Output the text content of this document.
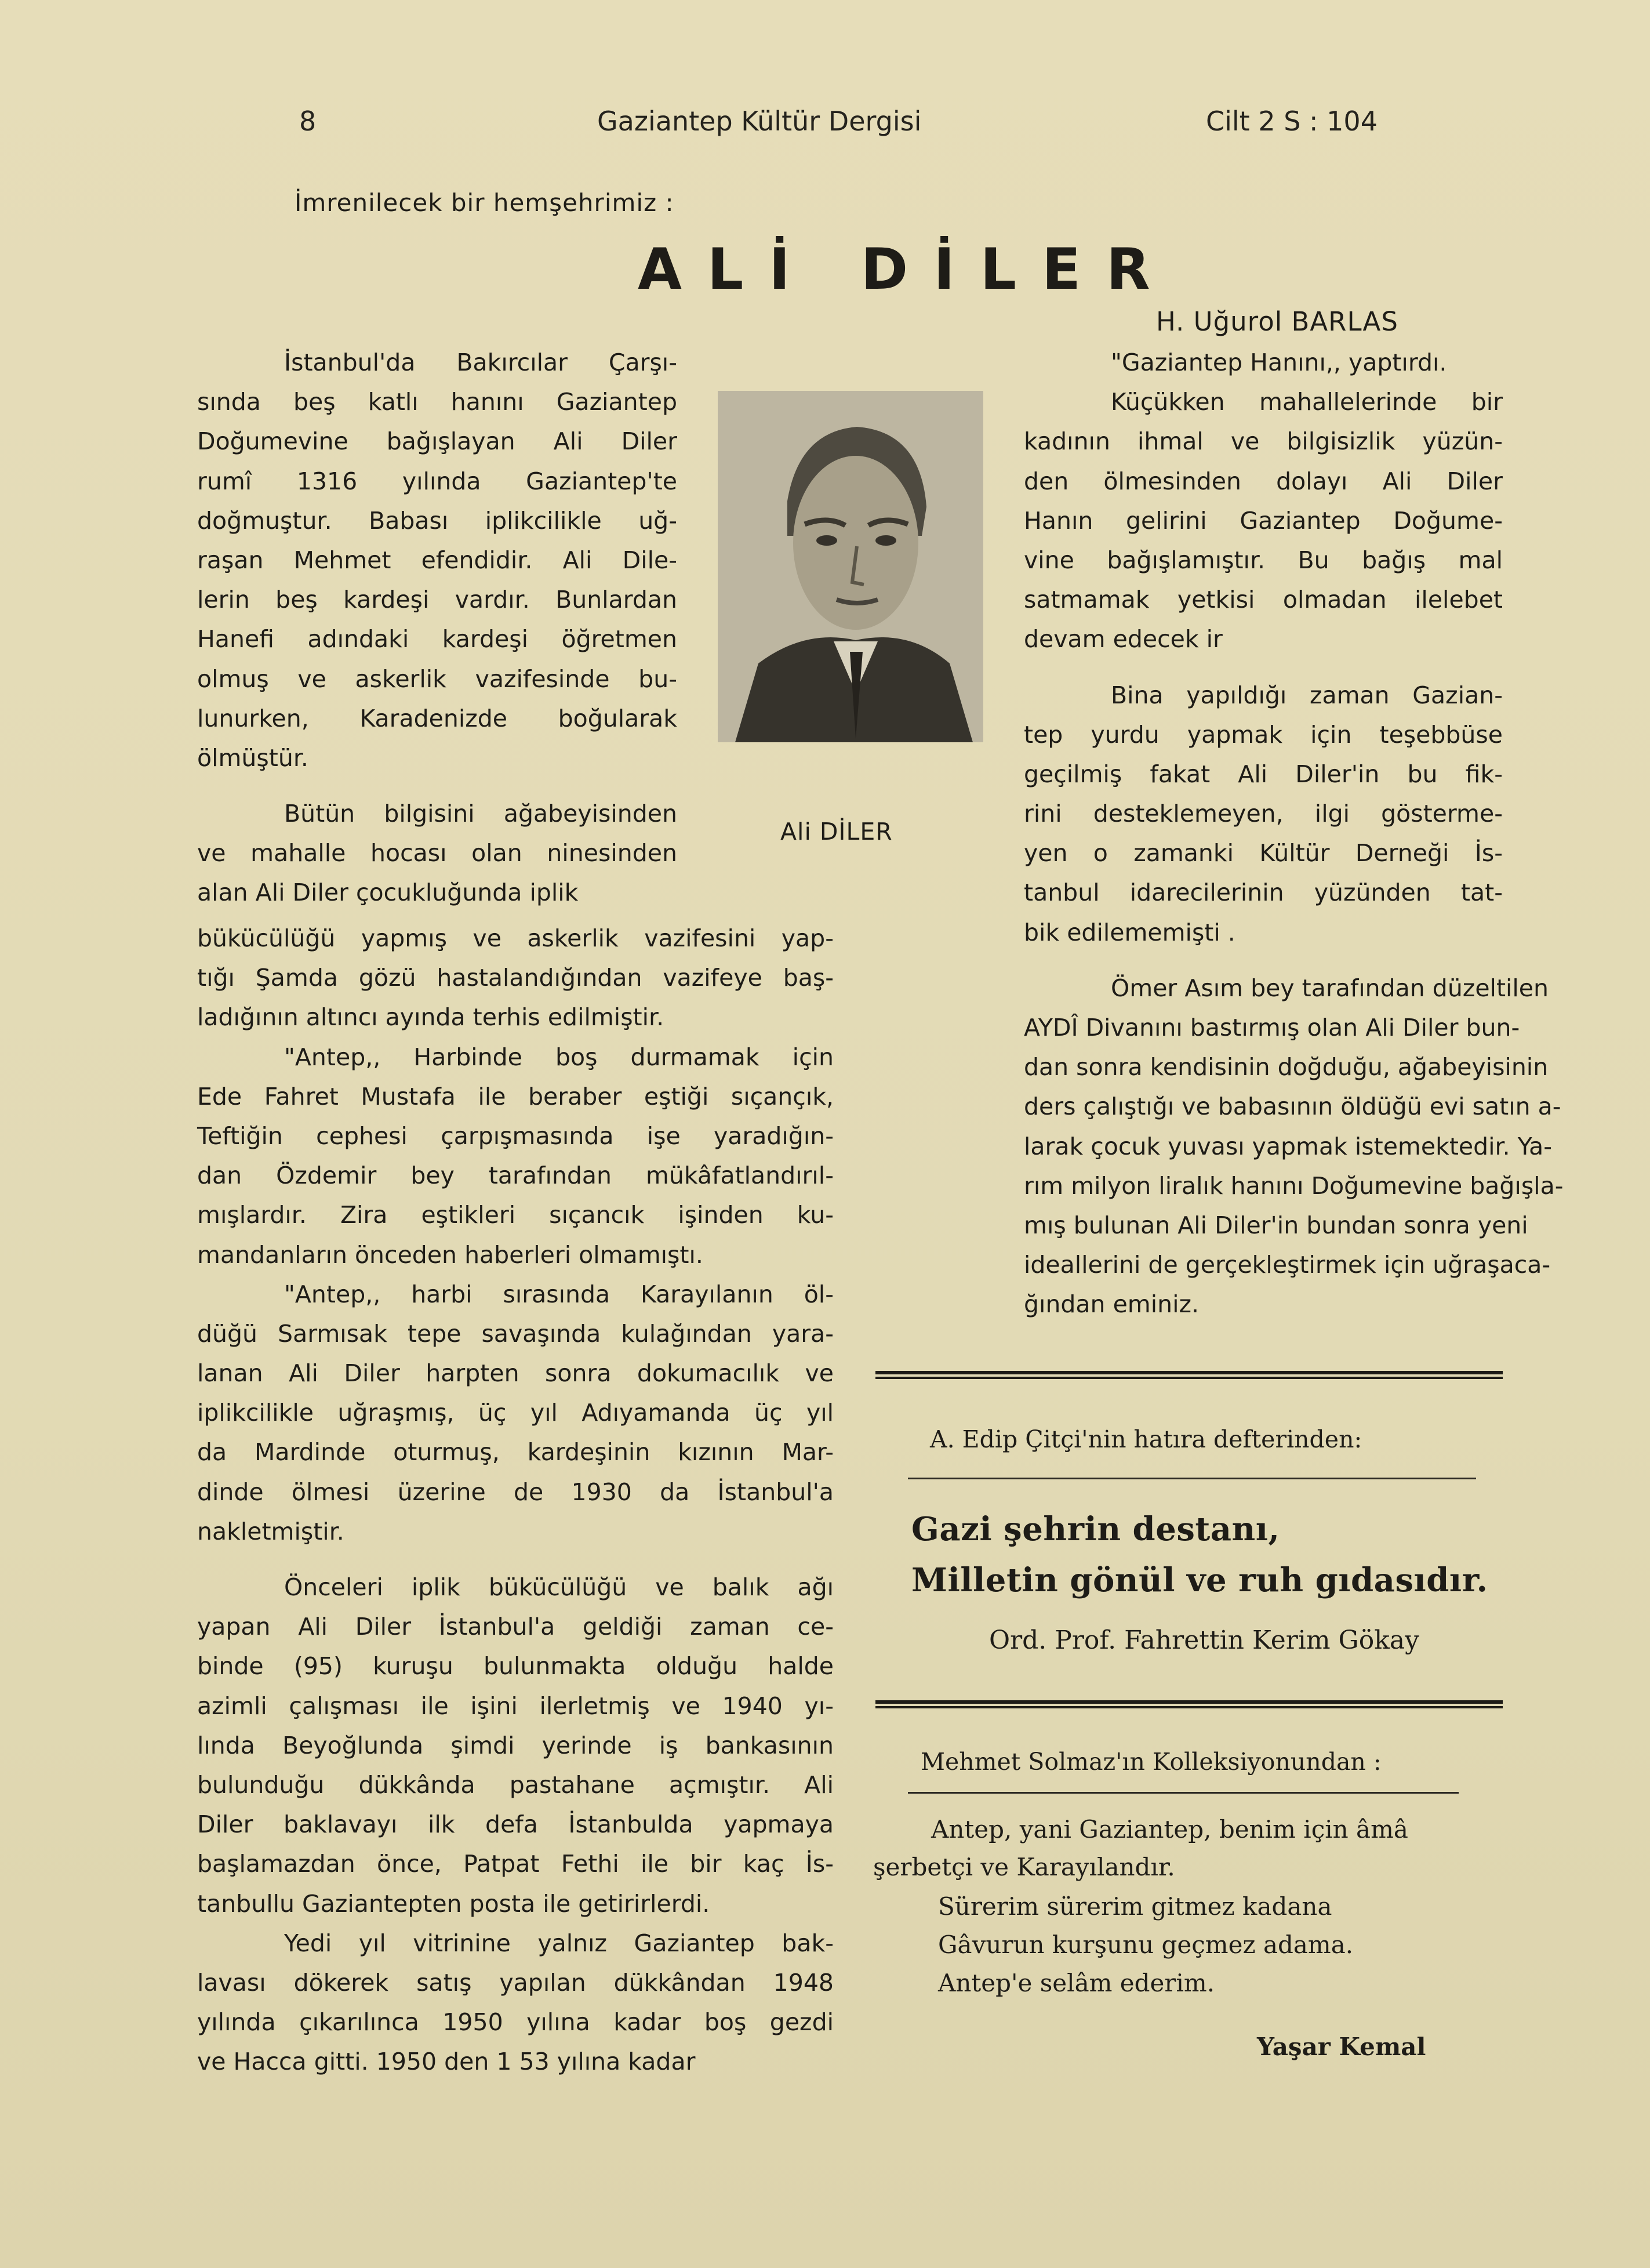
8	Gaziantep Kültür Dergisi	Cilt 2 S : 104
İmrenilecek bir hemşehrimiz :
ALİ DİLER
H. Uğurol BARLAS
İstanbul'da Bakırcılar Çarşı-
sında beş katlı hanını Gaziantep
Doğumevine bağışlayan Ali Diler
rumî 1316 yılında Gaziantep'te
doğmuştur. Babası iplikcilikle uğ-
raşan Mehmet efendidir. Ali Dile-
lerin beş kardeşi vardır. Bunlardan
Hanefi adındaki kardeşi öğretmen
olmuş ve askerlik vazifesinde bu-
lunurken, Karadenizde boğularak
ölmüştür.
Bütün bilgisini ağabeyisinden
ve mahalle hocası olan ninesinden
alan Ali Diler çocukluğunda iplik
Ali DİLER
bükücülüğü yapmış ve askerlik vazifesini yap-
tığı Şamda gözü hastalandığından vazifeye baş-
ladığının altıncı ayında terhis edilmiştir.
"Antep,, Harbinde boş durmamak için
Ede Fahret Mustafa ile beraber eştiği sıçançık,
Teftiğin cephesi çarpışmasında işe yaradığın-
dan Özdemir bey tarafından mükâfatlandırıl-
mışlardır. Zira eştikleri sıçancık işinden ku-
mandanların önceden haberleri olmamıştı.
"Antep,, harbi sırasında Karayılanın öl-
düğü Sarmısak tepe savaşında kulağından yara-
lanan Ali Diler harpten sonra dokumacılık ve
iplikcilikle uğraşmış, üç yıl Adıyamanda üç yıl
da Mardinde oturmuş, kardeşinin kızının Mar-
dinde ölmesi üzerine de 1930 da İstanbul'a
nakletmiştir.
Önceleri iplik bükücülüğü ve balık ağı
yapan Ali Diler İstanbul'a geldiği zaman ce-
binde (95) kuruşu bulunmakta olduğu halde
azimli çalışması ile işini ilerletmiş ve 1940 yı-
lında Beyoğlunda şimdi yerinde iş bankasının
bulunduğu dükkânda pastahane açmıştır. Ali
Diler baklavayı ilk defa İstanbulda yapmaya
başlamazdan önce, Patpat Fethi ile bir kaç İs-
tanbullu Gaziantepten posta ile getirirlerdi.
Yedi yıl vitrinine yalnız Gaziantep bak-
lavası dökerek satış yapılan dükkândan 1948
yılında çıkarılınca 1950 yılına kadar boş gezdi
ve Hacca gitti. 1950 den 1 53 yılına kadar
"Gaziantep Hanını,, yaptırdı.
Küçükken mahallelerinde bir
kadının ihmal ve bilgisizlik yüzün-
den ölmesinden dolayı Ali Diler
Hanın gelirini Gaziantep Doğume-
vine bağışlamıştır. Bu bağış mal
satmamak yetkisi olmadan ilelebet
devam edecek ir
Bina yapıldığı zaman Gazian-
tep yurdu yapmak için teşebbüse
geçilmiş fakat Ali Diler'in bu fik-
rini desteklemeyen, ilgi gösterme-
yen o zamanki Kültür Derneği İs-
tanbul idarecilerinin yüzünden tat-
bik edilememişti .
Ömer Asım bey tarafından düzeltilen
AYDÎ Divanını bastırmış olan Ali Diler bun-
dan sonra kendisinin doğduğu, ağabeyisinin
ders çalıştığı ve babasının öldüğü evi satın a-
larak çocuk yuvası yapmak istemektedir. Ya-
rım milyon liralık hanını Doğumevine bağışla-
mış bulunan Ali Diler'in bundan sonra yeni
ideallerini de gerçekleştirmek için uğraşaca-
ğından eminiz.
A. Edip Çitçi'nin hatıra defterinden:
Gazi şehrin destanı,
Milletin gönül ve ruh gıdasıdır.
Ord. Prof. Fahrettin Kerim Gökay
Mehmet Solmaz'ın Kolleksiyonundan :
Antep, yani Gaziantep, benim için âmâ
şerbetçi ve Karayılandır.
Sürerim sürerim gitmez kadana
Gâvurun kurşunu geçmez adama.
Antep'e selâm ederim.
Yaşar Kemal
